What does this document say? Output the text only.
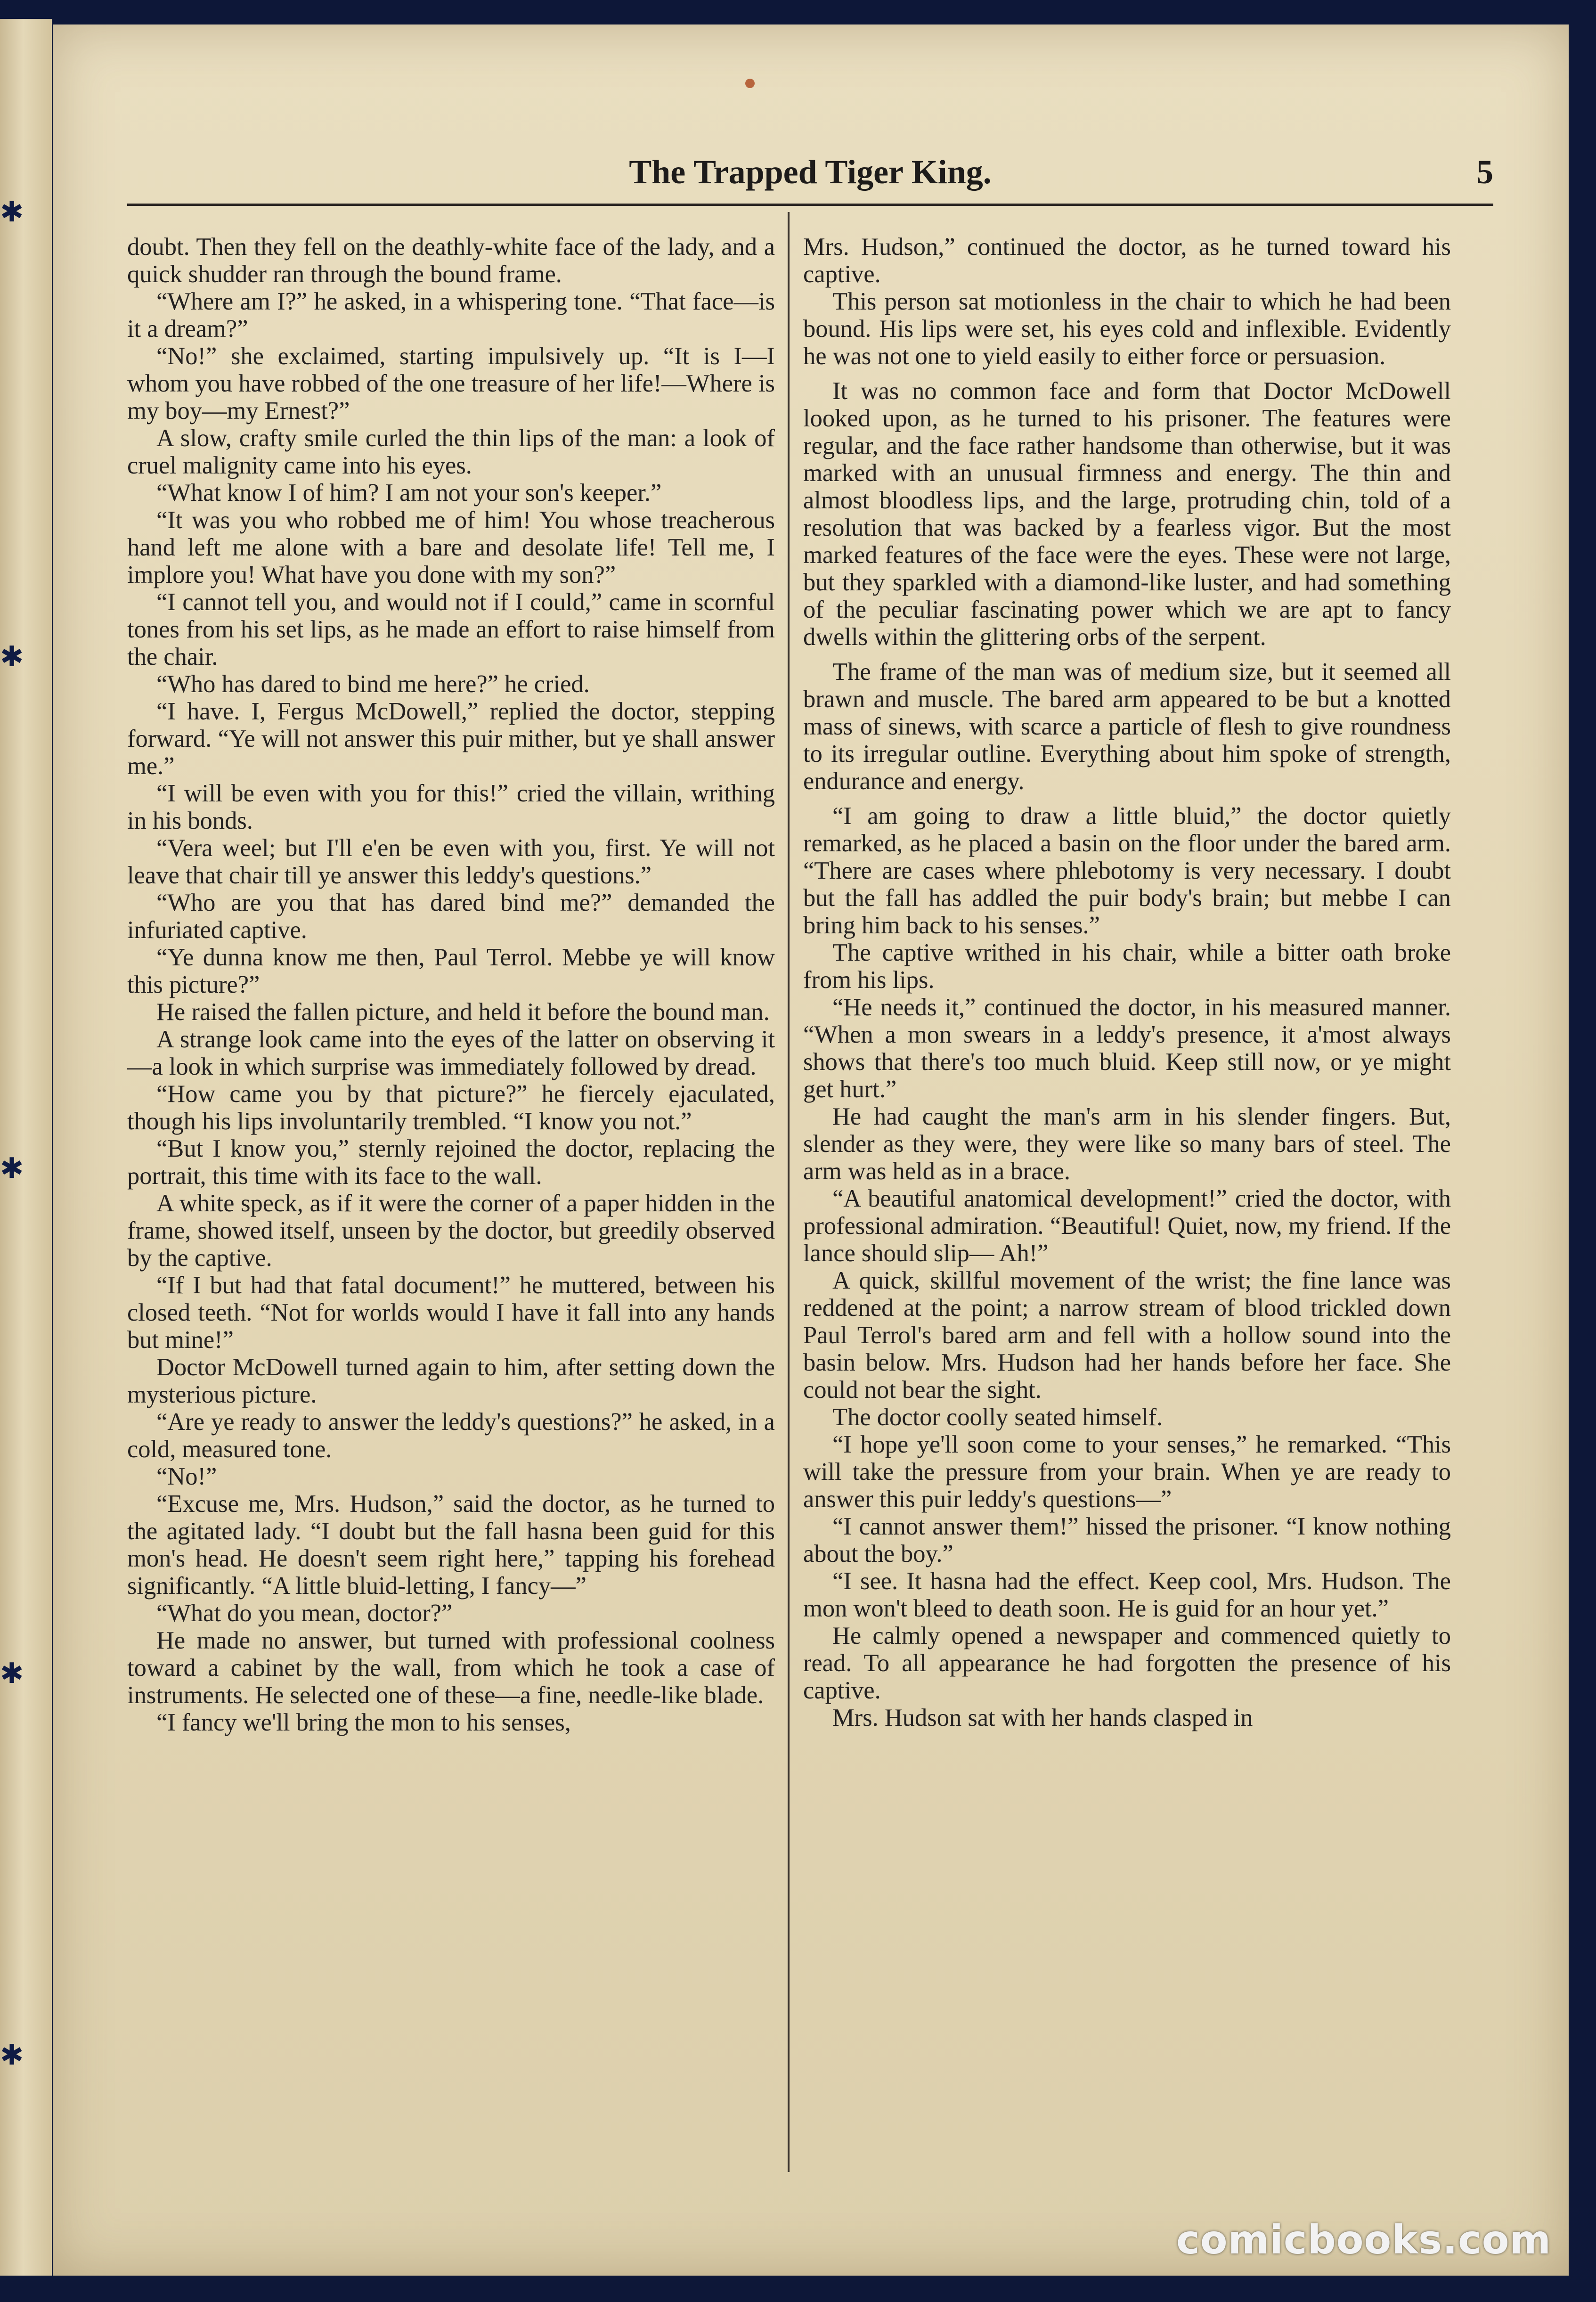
✱
✱
✱
✱
✱
The Trapped Tiger King.	5

doubt. Then they fell on the deathly-white face of the lady, and a quick shudder ran through the bound frame.

“Where am I?” he asked, in a whispering tone. “That face—is it a dream?”

“No!” she exclaimed, starting impulsively up. “It is I—I whom you have robbed of the one treasure of her life!—Where is my boy—my Ernest?”

A slow, crafty smile curled the thin lips of the man: a look of cruel malignity came into his eyes.

“What know I of him? I am not your son's keeper.”

“It was you who robbed me of him! You whose treacherous hand left me alone with a bare and desolate life! Tell me, I implore you! What have you done with my son?”

“I cannot tell you, and would not if I could,” came in scornful tones from his set lips, as he made an effort to raise himself from the chair.

“Who has dared to bind me here?” he cried.

“I have. I, Fergus McDowell,” replied the doctor, stepping forward. “Ye will not answer this puir mither, but ye shall answer me.”

“I will be even with you for this!” cried the villain, writhing in his bonds.

“Vera weel; but I'll e'en be even with you, first. Ye will not leave that chair till ye answer this leddy's questions.”

“Who are you that has dared bind me?” demanded the infuriated captive.

“Ye dunna know me then, Paul Terrol. Mebbe ye will know this picture?”

He raised the fallen picture, and held it before the bound man.

A strange look came into the eyes of the latter on observing it—a look in which surprise was immediately followed by dread.

“How came you by that picture?” he fiercely ejaculated, though his lips involuntarily trembled. “I know you not.”

“But I know you,” sternly rejoined the doctor, replacing the portrait, this time with its face to the wall.

A white speck, as if it were the corner of a paper hidden in the frame, showed itself, unseen by the doctor, but greedily observed by the captive.

“If I but had that fatal document!” he muttered, between his closed teeth. “Not for worlds would I have it fall into any hands but mine!”

Doctor McDowell turned again to him, after setting down the mysterious picture.

“Are ye ready to answer the leddy's questions?” he asked, in a cold, measured tone.

“No!”

“Excuse me, Mrs. Hudson,” said the doctor, as he turned to the agitated lady. “I doubt but the fall hasna been guid for this mon's head. He doesn't seem right here,” tapping his forehead significantly. “A little bluid-letting, I fancy—”

“What do you mean, doctor?”

He made no answer, but turned with professional coolness toward a cabinet by the wall, from which he took a case of instruments. He selected one of these—a fine, needle-like blade.

“I fancy we'll bring the mon to his senses,

Mrs. Hudson,” continued the doctor, as he turned toward his captive.

This person sat motionless in the chair to which he had been bound. His lips were set, his eyes cold and inflexible. Evidently he was not one to yield easily to either force or persuasion.

It was no common face and form that Doctor McDowell looked upon, as he turned to his prisoner. The features were regular, and the face rather handsome than otherwise, but it was marked with an unusual firmness and energy. The thin and almost bloodless lips, and the large, protruding chin, told of a resolution that was backed by a fearless vigor. But the most marked features of the face were the eyes. These were not large, but they sparkled with a diamond-like luster, and had something of the peculiar fascinating power which we are apt to fancy dwells within the glittering orbs of the serpent.

The frame of the man was of medium size, but it seemed all brawn and muscle. The bared arm appeared to be but a knotted mass of sinews, with scarce a particle of flesh to give roundness to its irregular outline. Everything about him spoke of strength, endurance and energy.

“I am going to draw a little bluid,” the doctor quietly remarked, as he placed a basin on the floor under the bared arm. “There are cases where phlebotomy is very necessary. I doubt but the fall has addled the puir body's brain; but mebbe I can bring him back to his senses.”

The captive writhed in his chair, while a bitter oath broke from his lips.

“He needs it,” continued the doctor, in his measured manner. “When a mon swears in a leddy's presence, it a'most always shows that there's too much bluid. Keep still now, or ye might get hurt.”

He had caught the man's arm in his slender fingers. But, slender as they were, they were like so many bars of steel. The arm was held as in a brace.

“A beautiful anatomical development!” cried the doctor, with professional admiration. “Beautiful! Quiet, now, my friend. If the lance should slip— Ah!”

A quick, skillful movement of the wrist; the fine lance was reddened at the point; a narrow stream of blood trickled down Paul Terrol's bared arm and fell with a hollow sound into the basin below. Mrs. Hudson had her hands before her face. She could not bear the sight.

The doctor coolly seated himself.

“I hope ye'll soon come to your senses,” he remarked. “This will take the pressure from your brain. When ye are ready to answer this puir leddy's questions—”

“I cannot answer them!” hissed the prisoner. “I know nothing about the boy.”

“I see. It hasna had the effect. Keep cool, Mrs. Hudson. The mon won't bleed to death soon. He is guid for an hour yet.”

He calmly opened a newspaper and commenced quietly to read. To all appearance he had forgotten the presence of his captive.

Mrs. Hudson sat with her hands clasped in

comicbooks.com
